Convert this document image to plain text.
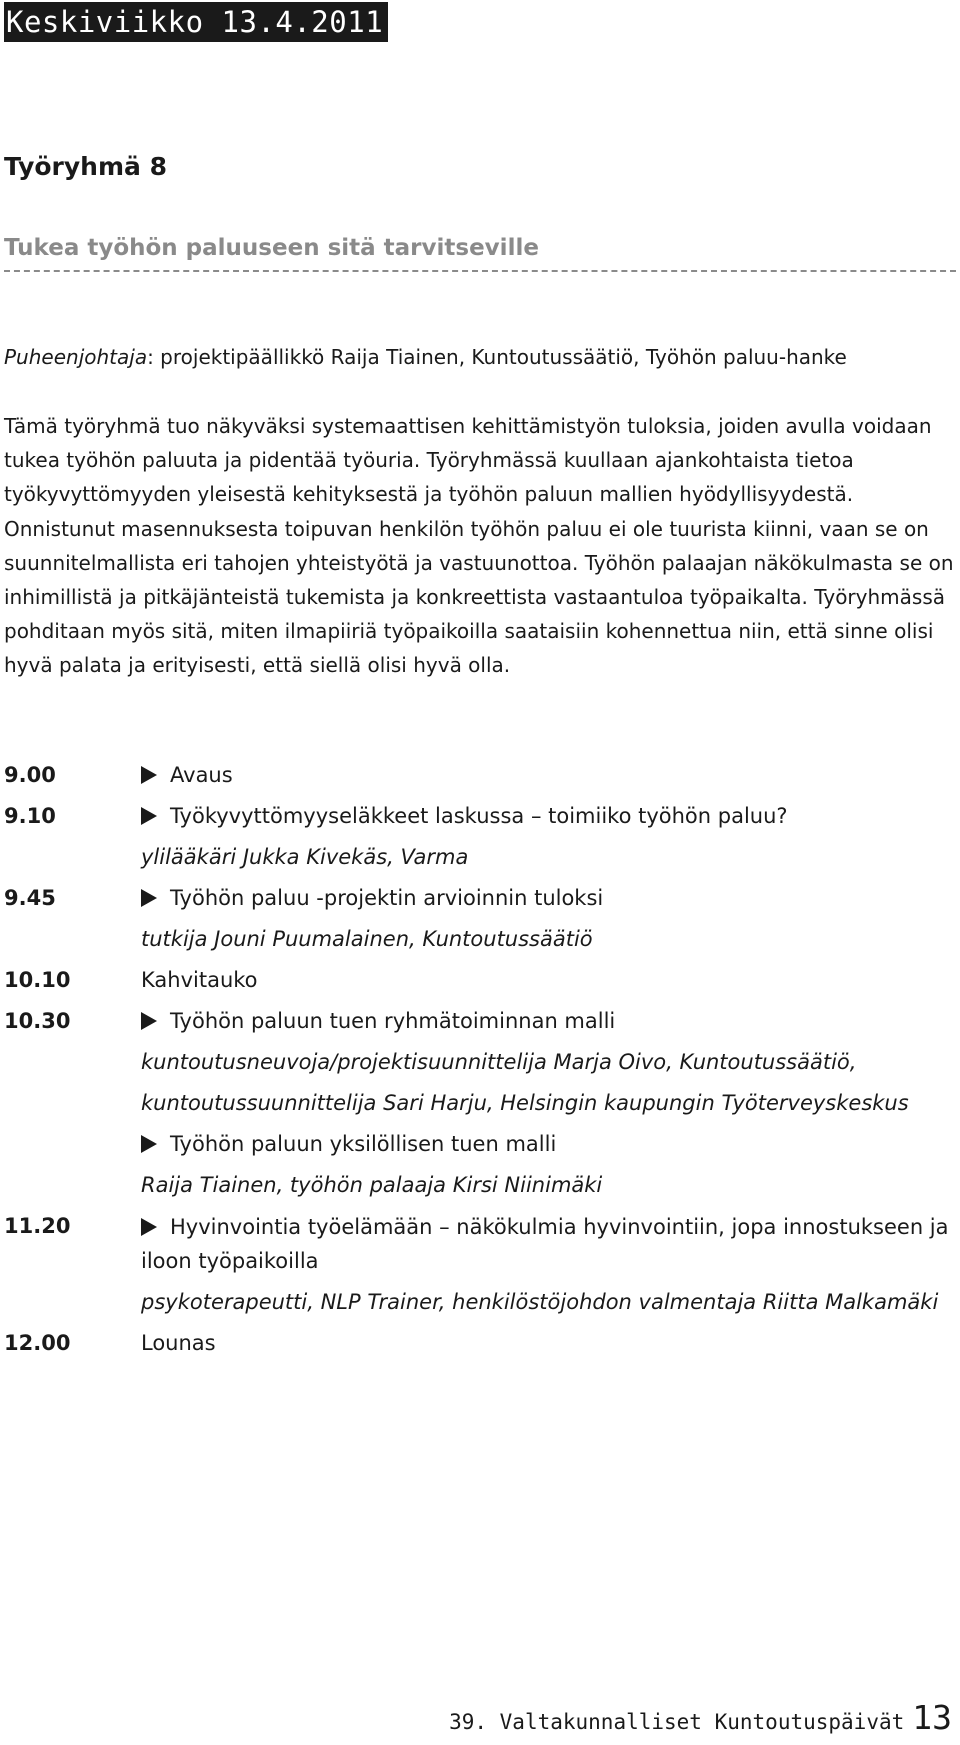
Keskiviikko 13.4.2011
Työryhmä 8
Tukea työhön paluuseen sitä tarvitseville
Puheenjohtaja: projektipäällikkö Raija Tiainen, Kuntoutussäätiö, Työhön paluu-hanke

Tämä työryhmä tuo näkyväksi systemaattisen kehittämistyön tuloksia, joiden avulla voidaan tukea työhön paluuta ja pidentää työuria. Työryhmässä kuullaan ajankohtaista tietoa työkyvyttömyyden yleisestä kehityksestä ja työhön paluun mallien hyödyllisyydestä. Onnistunut masennuksesta toipuvan henkilön työhön paluu ei ole tuurista kiinni, vaan se on suunnitelmallista eri tahojen yhteistyötä ja vastuunottoa. Työhön palaajan näkökulmasta se on inhimillistä ja pitkäjänteistä tukemista ja konkreettista vastaantuloa työpaikalta. Työryhmässä pohditaan myös sitä, miten ilmapiiriä työpaikoilla saataisiin kohennettua niin, että sinne olisi hyvä palata ja erityisesti, että siellä olisi hyvä olla.

9.00	Avaus
9.10	Työkyvyttömyyseläkkeet laskussa – toimiiko työhön paluu?
ylilääkäri Jukka Kivekäs, Varma
9.45	Työhön paluu -projektin arvioinnin tuloksi
tutkija Jouni Puumalainen, Kuntoutussäätiö
10.10	Kahvitauko
10.30	Työhön paluun tuen ryhmätoiminnan malli
kuntoutusneuvoja/projektisuunnittelija Marja Oivo, Kuntoutussäätiö,
kuntoutussuunnittelija Sari Harju, Helsingin kaupungin Työterveyskeskus
Työhön paluun yksilöllisen tuen malli
Raija Tiainen, työhön palaaja Kirsi Niinimäki
11.20	Hyvinvointia työelämään – näkökulmia hyvinvointiin, jopa innostukseen ja iloon työpaikoilla
psykoterapeutti, NLP Trainer, henkilöstöjohdon valmentaja Riitta Malkamäki
12.00	Lounas
39. Valtakunnalliset Kuntoutuspäivät 13
